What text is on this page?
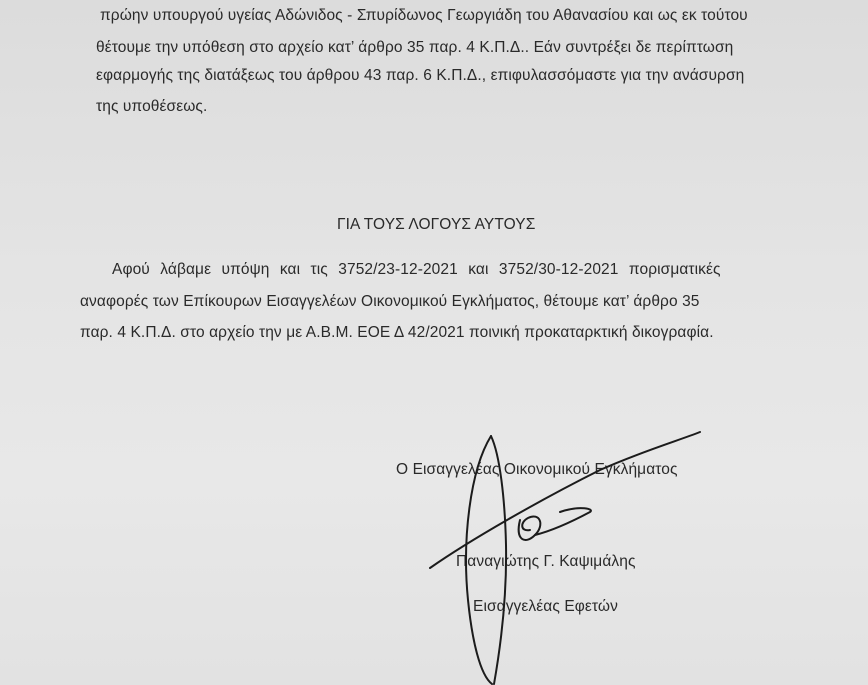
πρώην υπουργού υγείας Αδώνιδος - Σπυρίδωνος Γεωργιάδη του Αθανασίου και ως εκ τούτου
θέτουμε την υπόθεση στο αρχείο κατ’ άρθρο 35 παρ. 4 Κ.Π.Δ.. Εάν συντρέξει δε περίπτωση
εφαρμογής της διατάξεως του άρθρου 43 παρ. 6 Κ.Π.Δ., επιφυλασσόμαστε για την ανάσυρση
της υποθέσεως.
ΓΙΑ ΤΟΥΣ ΛΟΓΟΥΣ ΑΥΤΟΥΣ
Αφού λάβαμε υπόψη και τις 3752/23-12-2021 και 3752/30-12-2021 πορισματικές
αναφορές των Επίκουρων Εισαγγελέων Οικονομικού Εγκλήματος, θέτουμε κατ’ άρθρο 35
παρ. 4 Κ.Π.Δ. στο αρχείο την με Α.Β.Μ. ΕΟΕ Δ 42/2021 ποινική προκαταρκτική δικογραφία.
Ο Εισαγγελέας Οικονομικού Εγκλήματος
Παναγιώτης Γ. Καψιμάλης
Εισαγγελέας Εφετών
